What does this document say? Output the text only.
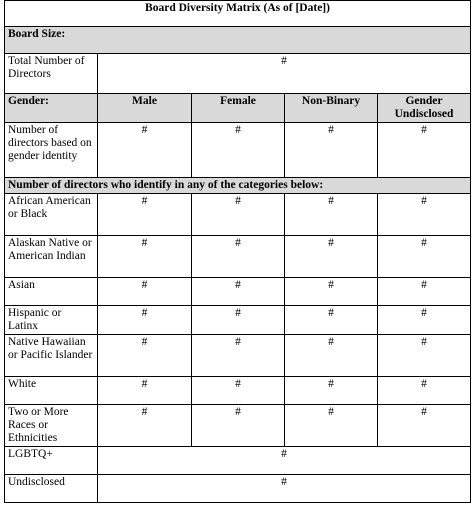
Board Diversity Matrix (As of [Date])				
Board Size:				
Total Number of Directors	#			
Gender:	Male	Female	Non-Binary	Gender Undisclosed
Number of directors based on gender identity	#	#	#	#
Number of directors who identify in any of the categories below:				
African American or Black	#	#	#	#
Alaskan Native or American Indian	#	#	#	#
Asian	#	#	#	#
Hispanic or Latinx	#	#	#	#
Native Hawaiian or Pacific Islander	#	#	#	#
White	#	#	#	#
Two or More Races or Ethnicities	#	#	#	#
LGBTQ+	#			
Undisclosed	#			
